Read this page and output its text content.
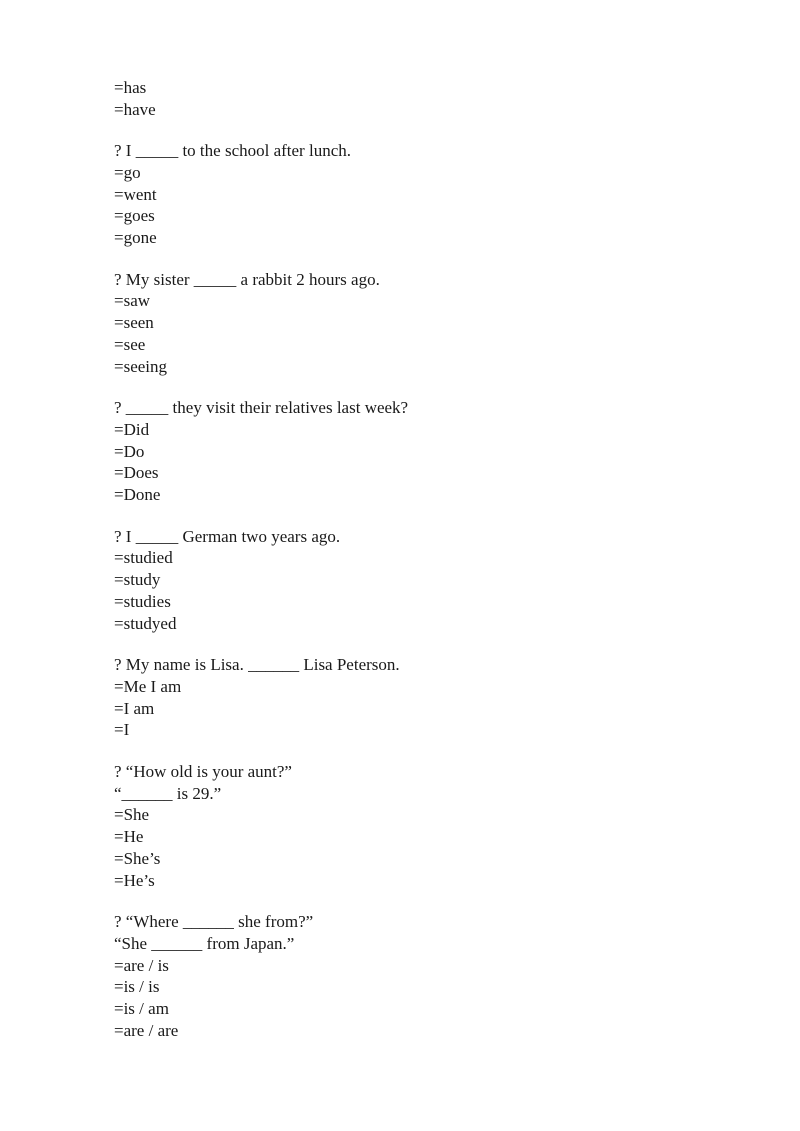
=has
=have
? I _____ to the school after lunch.
=go
=went
=goes
=gone
? My sister _____ a rabbit 2 hours ago.
=saw
=seen
=see
=seeing
? _____ they visit their relatives last week?
=Did
=Do
=Does
=Done
? I _____ German two years ago.
=studied
=study
=studies
=studyed
? My name is Lisa. ______ Lisa Peterson.
=Me I am
=I am
=I
? “How old is your aunt?”
“______ is 29.”
=She
=He
=She’s
=He’s
? “Where ______ she from?”
“She ______ from Japan.”
=are / is
=is / is
=is / am
=are / are
